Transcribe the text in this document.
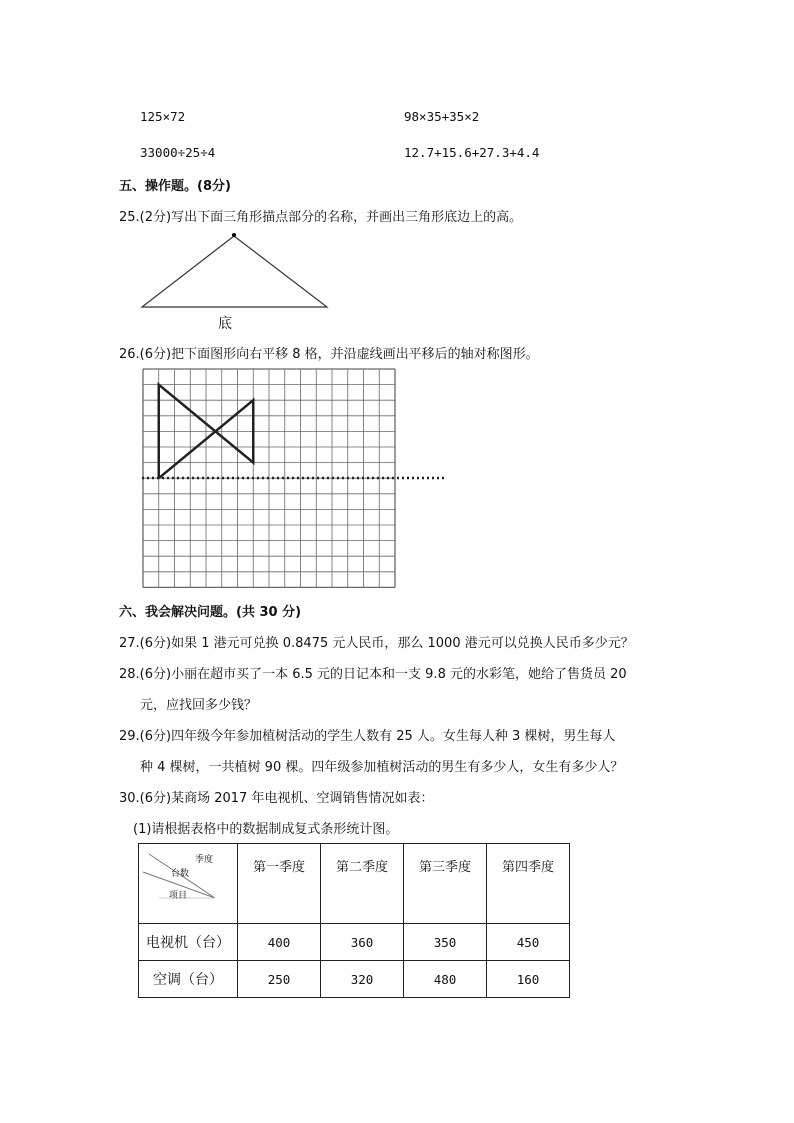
125×72	98×35+35×2
33000÷25÷4	12.7+15.6+27.3+4.4
五、操作题。(8分)
25.(2分)写出下面三角形描点部分的名称，并画出三角形底边上的高。
底
26.(6分)把下面图形向右平移 8 格，并沿虚线画出平移后的轴对称图形。
六、我会解决问题。(共 30 分)
27.(6分)如果 1 港元可兑换 0.8475 元人民币，那么 1000 港元可以兑换人民币多少元？
28.(6分)小丽在超市买了一本 6.5 元的日记本和一支 9.8 元的水彩笔，她给了售货员 20
元，应找回多少钱？
29.(6分)四年级今年参加植树活动的学生人数有 25 人。女生每人种 3 棵树，男生每人
种 4 棵树，一共植树 90 棵。四年级参加植树活动的男生有多少人，女生有多少人？
30.(6分)某商场 2017 年电视机、空调销售情况如表：
(1)请根据表格中的数据制成复式条形统计图。
季度
台数
项目	第一季度	第二季度	第三季度	第四季度
电视机（台）	400	360	350	450
空调（台）	250	320	480	160
